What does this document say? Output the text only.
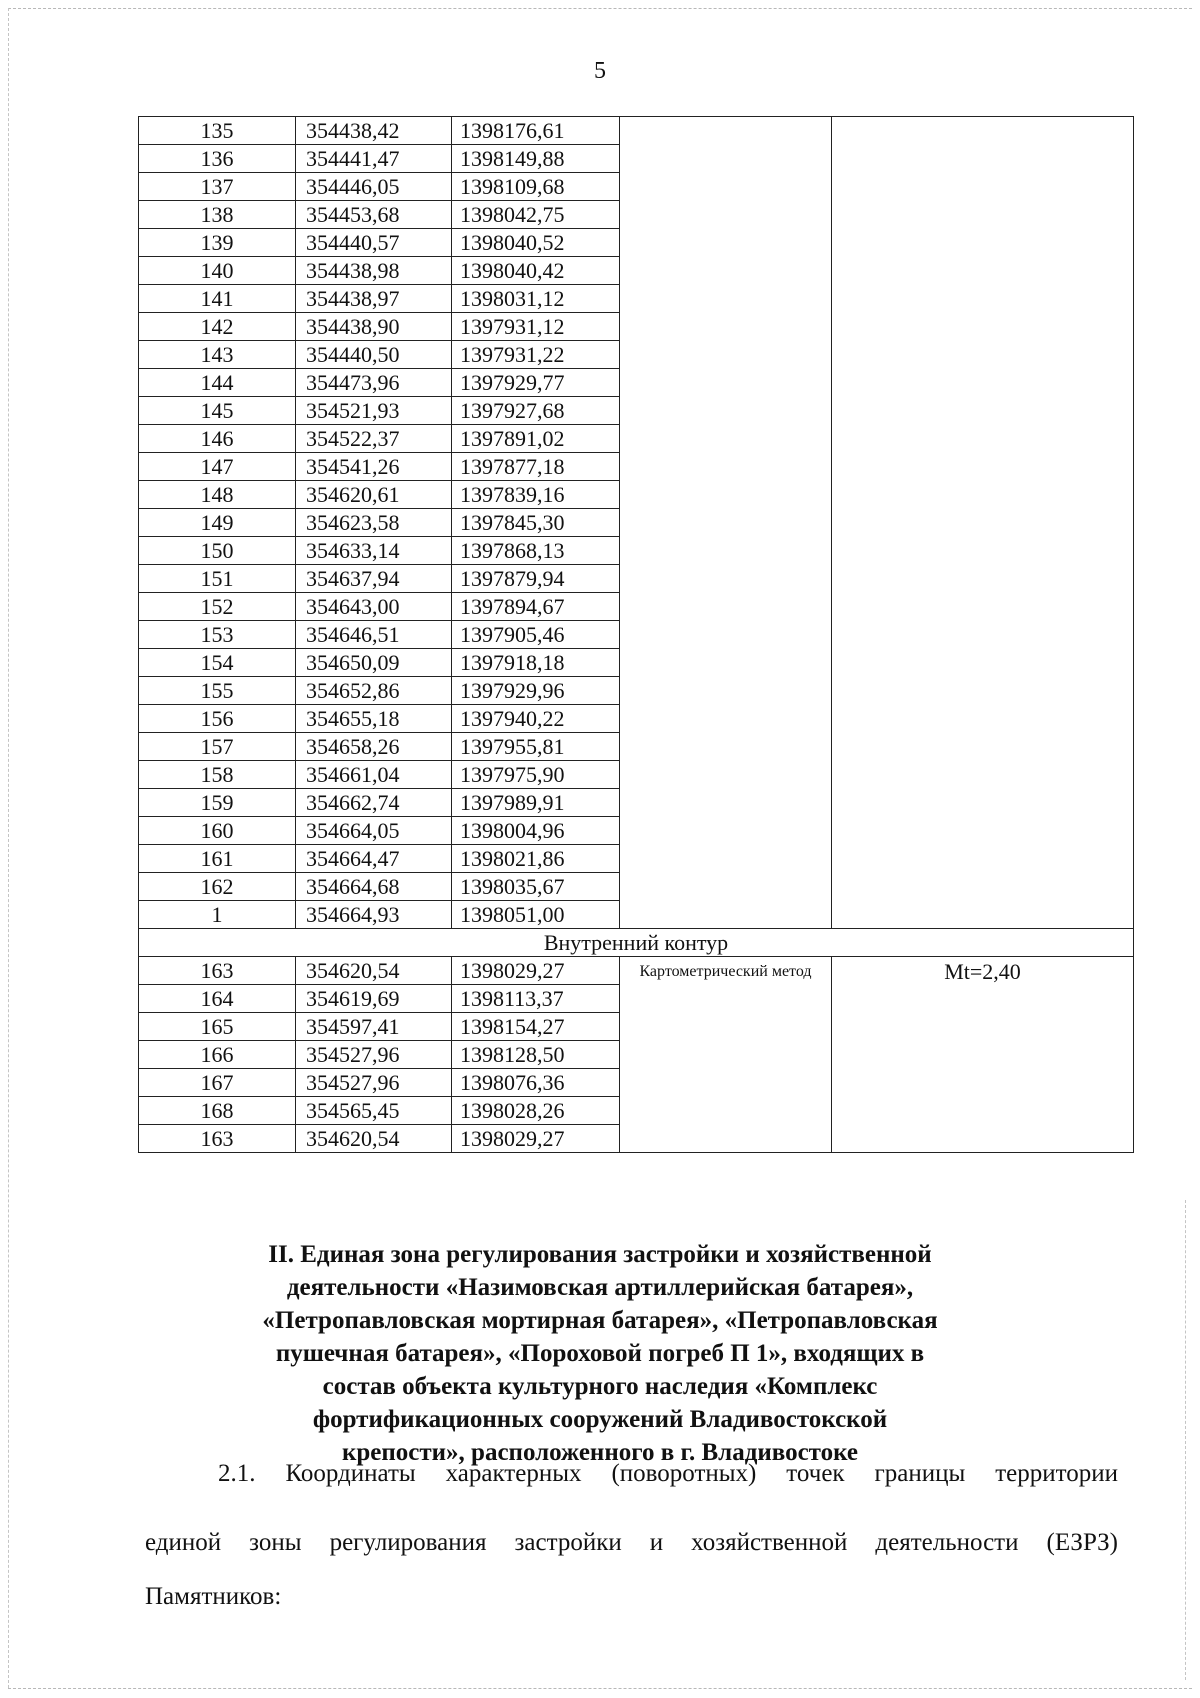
5
135	354438,42	1398176,61		
136	354441,47	1398149,88		
137	354446,05	1398109,68		
138	354453,68	1398042,75		
139	354440,57	1398040,52		
140	354438,98	1398040,42		
141	354438,97	1398031,12		
142	354438,90	1397931,12		
143	354440,50	1397931,22		
144	354473,96	1397929,77		
145	354521,93	1397927,68		
146	354522,37	1397891,02		
147	354541,26	1397877,18		
148	354620,61	1397839,16		
149	354623,58	1397845,30		
150	354633,14	1397868,13		
151	354637,94	1397879,94		
152	354643,00	1397894,67		
153	354646,51	1397905,46		
154	354650,09	1397918,18		
155	354652,86	1397929,96		
156	354655,18	1397940,22		
157	354658,26	1397955,81		
158	354661,04	1397975,90		
159	354662,74	1397989,91		
160	354664,05	1398004,96		
161	354664,47	1398021,86		
162	354664,68	1398035,67		
1	354664,93	1398051,00		
Внутренний контур				
163	354620,54	1398029,27	Картометрический метод	Mt=2,40
164	354619,69	1398113,37		
165	354597,41	1398154,27		
166	354527,96	1398128,50		
167	354527,96	1398076,36		
168	354565,45	1398028,26		
163	354620,54	1398029,27		
II. Единая зона регулирования застройки и хозяйственной
деятельности «Назимовская артиллерийская батарея»,
«Петропавловская мортирная батарея», «Петропавловская
пушечная батарея», «Пороховой погреб П 1», входящих в
состав объекта культурного наследия «Комплекс
фортификационных сооружений Владивостокской
крепости», расположенного в г. Владивостоке
2.1. Координаты характерных (поворотных) точек границы территории
единой зоны регулирования застройки и хозяйственной деятельности (ЕЗРЗ)
Памятников:
